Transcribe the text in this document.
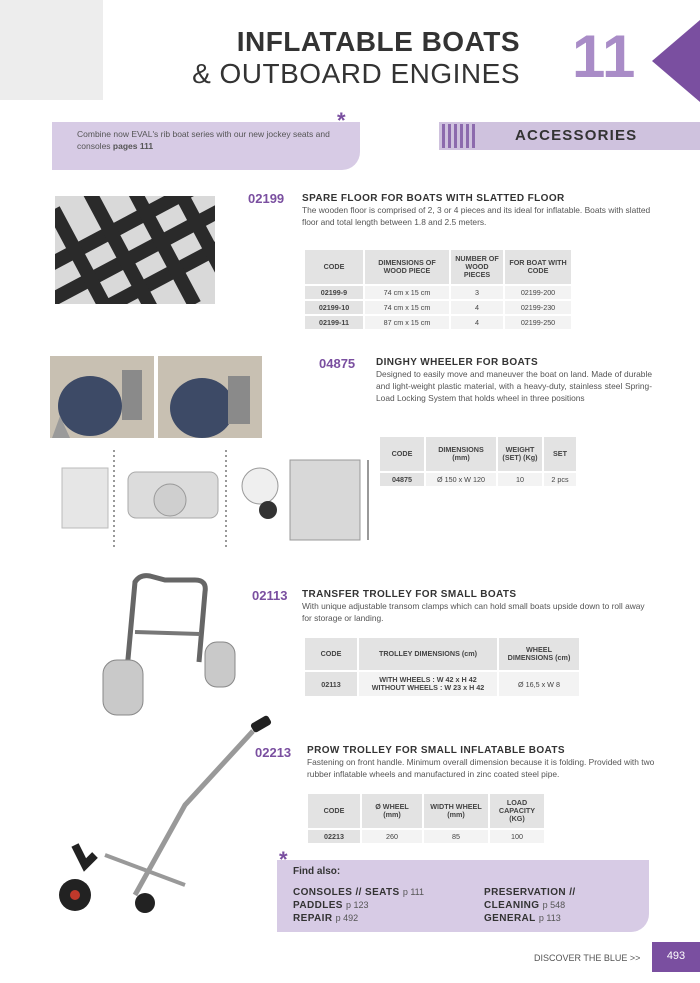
INFLATABLE BOATS
& OUTBOARD ENGINES 11
*
Combine now EVAL's rib boat series with our new jockey seats and consoles pages 111
ACCESSORIES
02199 SPARE FLOOR FOR BOATS WITH SLATTED FLOOR
The wooden floor is comprised of 2, 3 or 4 pieces and its ideal for inflatable. Boats with slatted floor and total length between 1.8 and 2.5 meters.
CODE	DIMENSIONS OF WOOD PIECE	NUMBER OF WOOD PIECES	FOR BOAT WITH CODE
02199-9	74 cm x 15 cm	3	02199-200
02199-10	74 cm x 15 cm	4	02199-230
02199-11	87 cm x 15 cm	4	02199-250
04875 DINGHY WHEELER FOR BOATS
Designed to easily move and maneuver the boat on land. Made of durable and light-weight plastic material, with a heavy-duty, stainless steel Spring-Load Locking System that holds wheel in three positions
CODE	DIMENSIONS (mm)	WEIGHT (SET) (Kg)	SET
04875	Ø 150 x W 120	10	2 pcs
02113 TRANSFER TROLLEY FOR SMALL BOATS
With unique adjustable transom clamps which can hold small boats upside down to roll away for storage or landing.
CODE	TROLLEY DIMENSIONS (cm)	WHEEL DIMENSIONS (cm)
02113	WITH WHEELS : W 42 x H 42
WITHOUT WHEELS : W 23 x H 42	Ø 16,5 x W 8
02213 PROW TROLLEY FOR SMALL INFLATABLE BOATS
Fastening on front handle. Minimum overall dimension because it is folding. Provided with two rubber inflatable wheels and manufactured in zinc coated steel pipe.
CODE	Ø WHEEL (mm)	WIDTH WHEEL (mm)	LOAD CAPACITY (KG)
02213	260	85	100
* Find also:
CONSOLES // SEATS p 111
PADDLES p 123
REPAIR p 492
PRESERVATION //
CLEANING p 548
GENERAL p 113
DISCOVER THE BLUE >>	493
